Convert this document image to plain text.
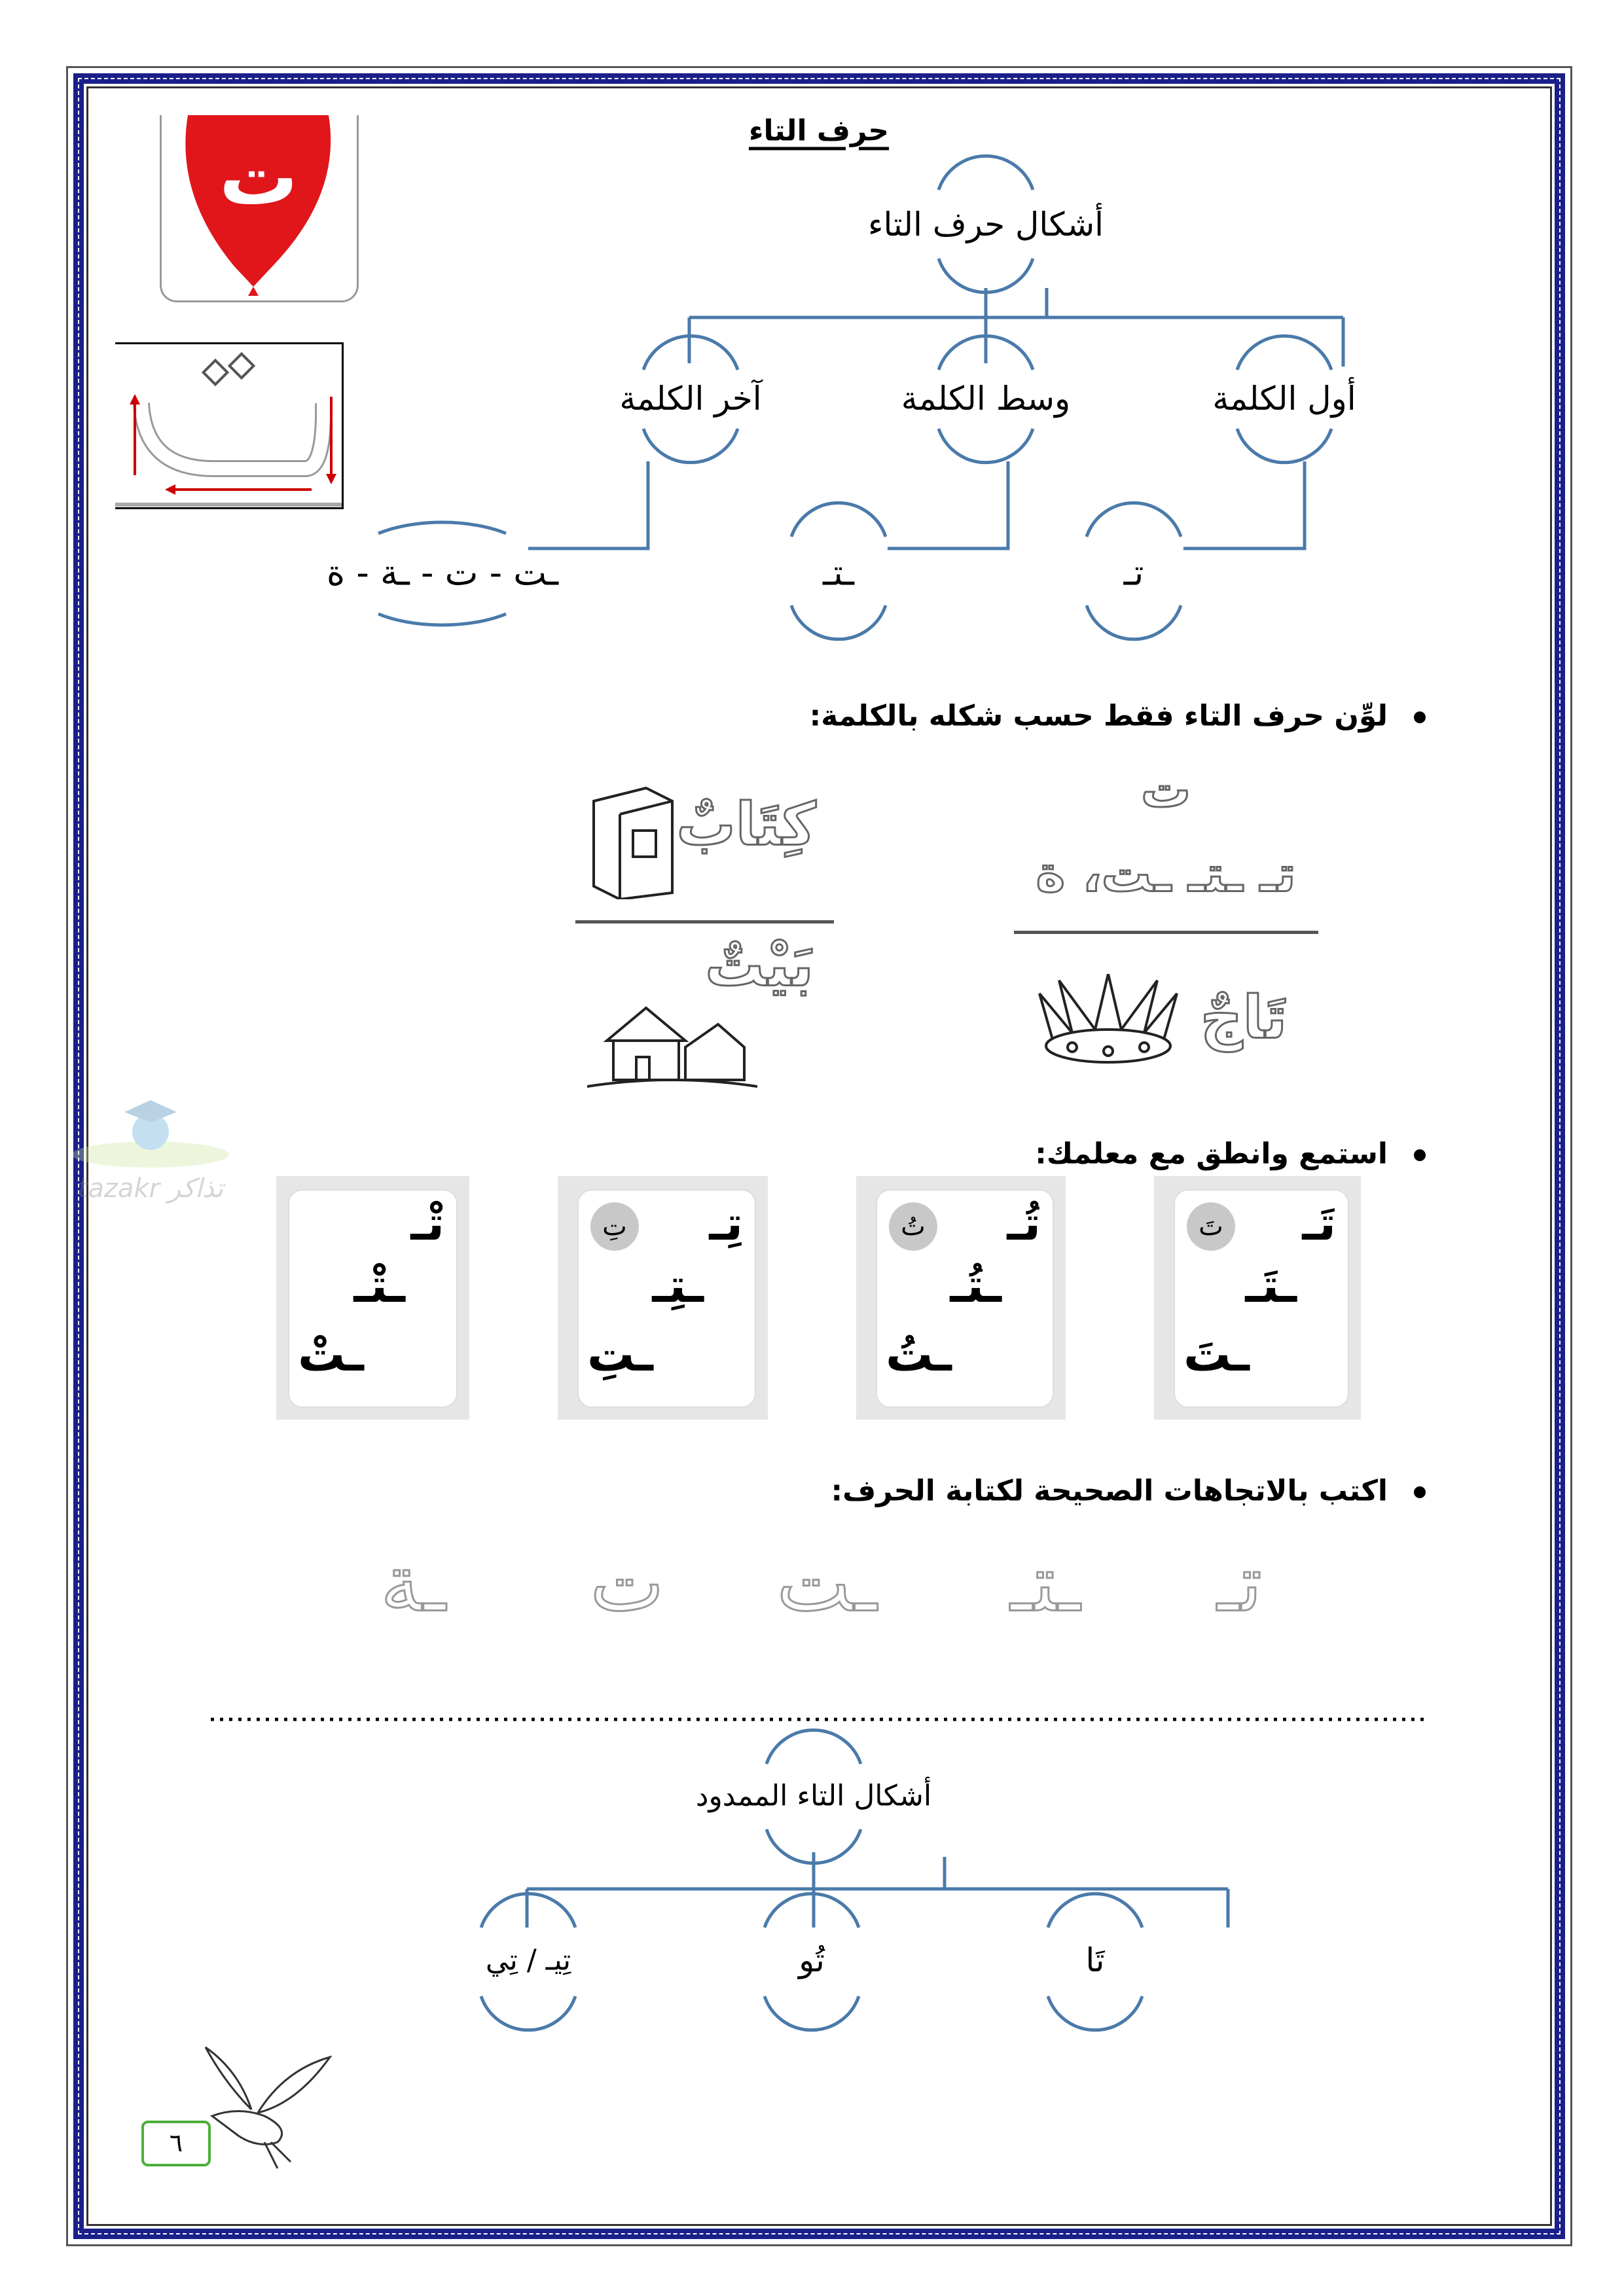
ت
حرف التاء
أشكال حرف التاء
أول الكلمة
وسط الكلمة
آخر الكلمة
تـ
ـتـ
ـت - ت - ـة - ة
tazakr تذاكر
لوِّن حرف التاء فقط حسب شكله بالكلمة:
ت
تـ ـتـ ـت، ة
تَاجٌ
كِتَابٌ
بَيْتٌ
استمع وانطق مع معلمك:
تَ تَـ
ـتَـ
ـتَ
تُ تُـ
ـتُـ
ـتُ
تِ تِـ
ـتِـ
ـتِ
تْـ
ـتْـ
ـتْ
اكتب بالاتجاهات الصحيحة لكتابة الحرف:
تـ
ـتـ
ـت
ت
ـة
أشكال التاء الممدود
تَا
تُو
تِيـ / تِي
٦
